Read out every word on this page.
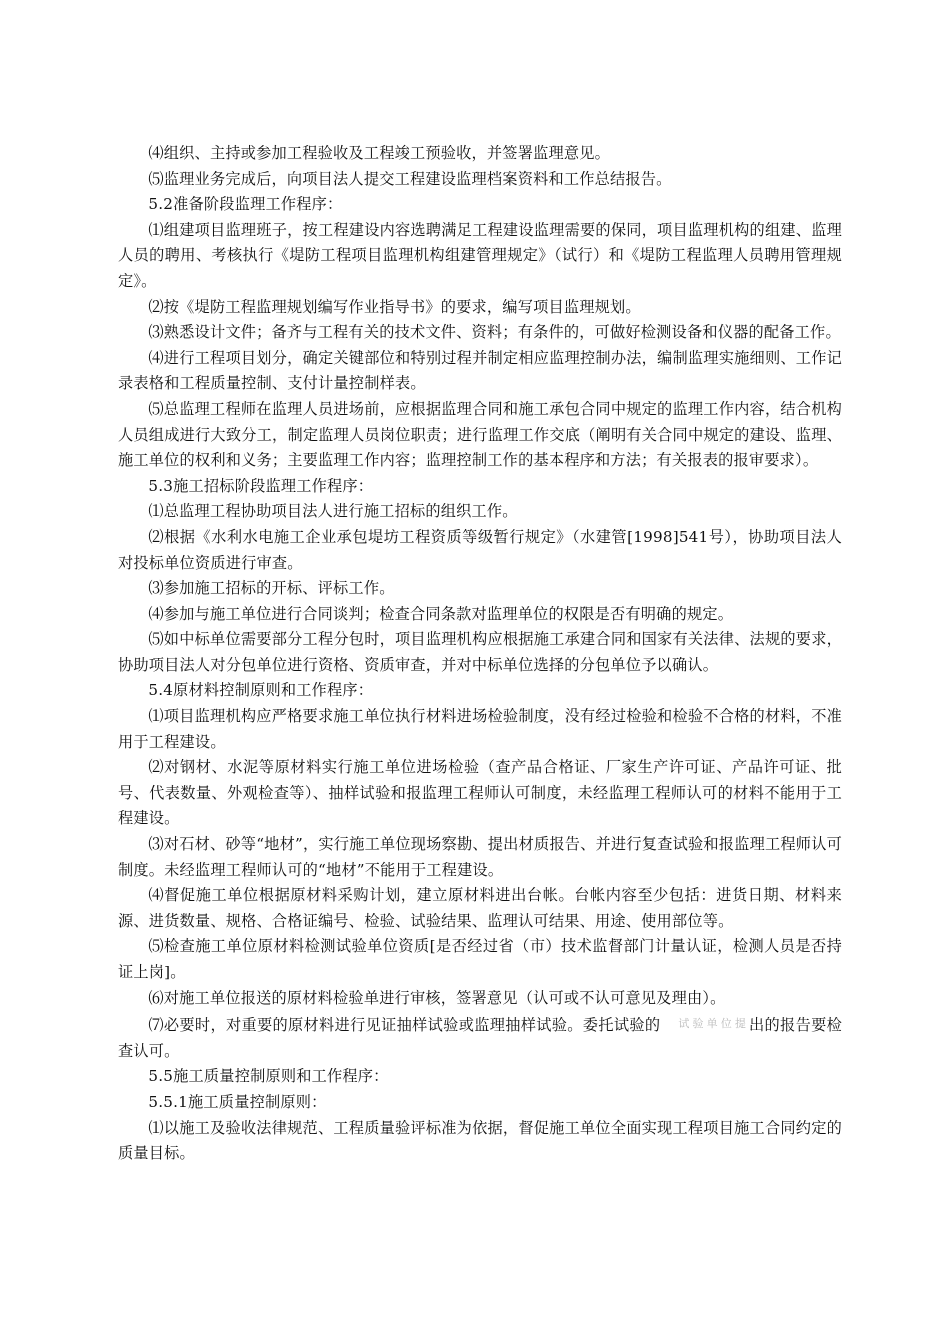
⑷组织、主持或参加工程验收及工程竣工预验收，并签署监理意见。

⑸监理业务完成后，向项目法人提交工程建设监理档案资料和工作总结报告。

5.2准备阶段监理工作程序：

⑴组建项目监理班子，按工程建设内容选聘满足工程建设监理需要的保同，项目监理机构的组建、监理人员的聘用、考核执行《堤防工程项目监理机构组建管理规定》（试行）和《堤防工程监理人员聘用管理规定》。

⑵按《堤防工程监理规划编写作业指导书》的要求，编写项目监理规划。

⑶熟悉设计文件；备齐与工程有关的技术文件、资料；有条件的，可做好检测设备和仪器的配备工作。

⑷进行工程项目划分，确定关键部位和特别过程并制定相应监理控制办法，编制监理实施细则、工作记录表格和工程质量控制、支付计量控制样表。

⑸总监理工程师在监理人员进场前，应根据监理合同和施工承包合同中规定的监理工作内容，结合机构人员组成进行大致分工，制定监理人员岗位职责；进行监理工作交底（阐明有关合同中规定的建设、监理、施工单位的权利和义务；主要监理工作内容；监理控制工作的基本程序和方法；有关报表的报审要求）。

5.3施工招标阶段监理工作程序：

⑴总监理工程协助项目法人进行施工招标的组织工作。

⑵根据《水利水电施工企业承包堤坊工程资质等级暂行规定》（水建管[1998]541号），协助项目法人对投标单位资质进行审查。

⑶参加施工招标的开标、评标工作。

⑷参加与施工单位进行合同谈判；检查合同条款对监理单位的权限是否有明确的规定。

⑸如中标单位需要部分工程分包时，项目监理机构应根据施工承建合同和国家有关法律、法规的要求，协助项目法人对分包单位进行资格、资质审查，并对中标单位选择的分包单位予以确认。

5.4原材料控制原则和工作程序：

⑴项目监理机构应严格要求施工单位执行材料进场检验制度，没有经过检验和检验不合格的材料，不准用于工程建设。

⑵对钢材、水泥等原材料实行施工单位进场检验（查产品合格证、厂家生产许可证、产品许可证、批号、代表数量、外观检查等）、抽样试验和报监理工程师认可制度，未经监理工程师认可的材料不能用于工程建设。

⑶对石材、砂等“地材”，实行施工单位现场察勘、提出材质报告、并进行复查试验和报监理工程师认可制度。未经监理工程师认可的“地材”不能用于工程建设。

⑷督促施工单位根据原材料采购计划，建立原材料进出台帐。台帐内容至少包括：进货日期、材料来源、进货数量、规格、合格证编号、检验、试验结果、监理认可结果、用途、使用部位等。

⑸检查施工单位原材料检测试验单位资质[是否经过省（市）技术监督部门计量认证，检测人员是否持证上岗]。

⑹对施工单位报送的原材料检验单进行审核，签署意见（认可或不认可意见及理由）。

⑺必要时，对重要的原材料进行见证抽样试验或监理抽样试验。委托试验的 试验单位提出的报告要检查认可。

5.5施工质量控制原则和工作程序：

5.5.1施工质量控制原则：

⑴以施工及验收法律规范、工程质量验评标准为依据，督促施工单位全面实现工程项目施工合同约定的质量目标。
